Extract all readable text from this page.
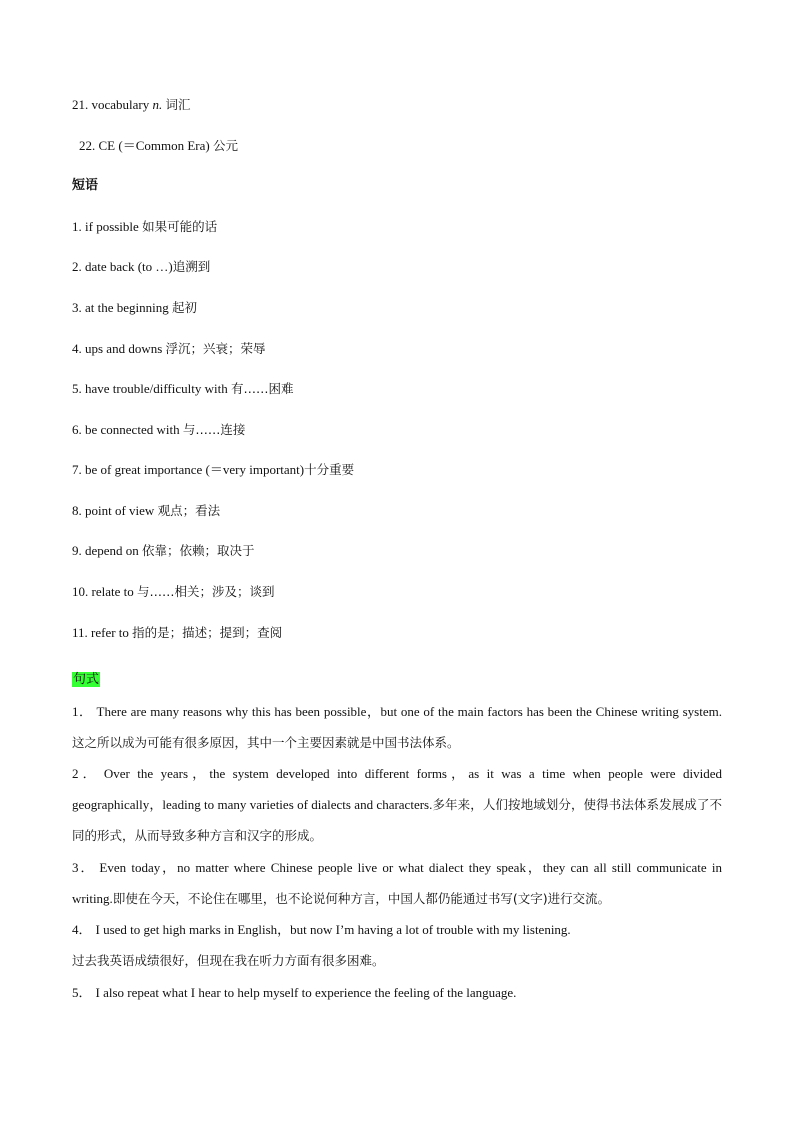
21. vocabulary n. 词汇
22. CE (＝Common Era) 公元
短语
1. if possible 如果可能的话
2. date back (to …)追溯到
3. at the beginning 起初
4. ups and downs 浮沉；兴衰；荣辱
5. have trouble/difficulty with 有……困难
6. be connected with 与……连接
7. be of great importance (＝very important)十分重要
8. point of view 观点；看法
9. depend on 依靠；依赖；取决于
10. relate to 与……相关；涉及；谈到
11. refer to 指的是；描述；提到；查阅
句式
1． There are many reasons why this has been possible，but one of the main factors has been the Chinese writing system.这之所以成为可能有很多原因，其中一个主要因素就是中国书法体系。
2． Over the years，the system developed into different forms，as it was a time when people were divided geographically，leading to many varieties of dialects and characters.多年来，人们按地域划分，使得书法体系发展成了不同的形式，从而导致多种方言和汉字的形成。
3． Even today，no matter where Chinese people live or what dialect they speak，they can all still communicate in writing.即使在今天，不论住在哪里，也不论说何种方言，中国人都仍能通过书写(文字)进行交流。
4． I used to get high marks in English，but now I’m having a lot of trouble with my listening.
过去我英语成绩很好，但现在我在听力方面有很多困难。
5． I also repeat what I hear to help myself to experience the feeling of the language.
